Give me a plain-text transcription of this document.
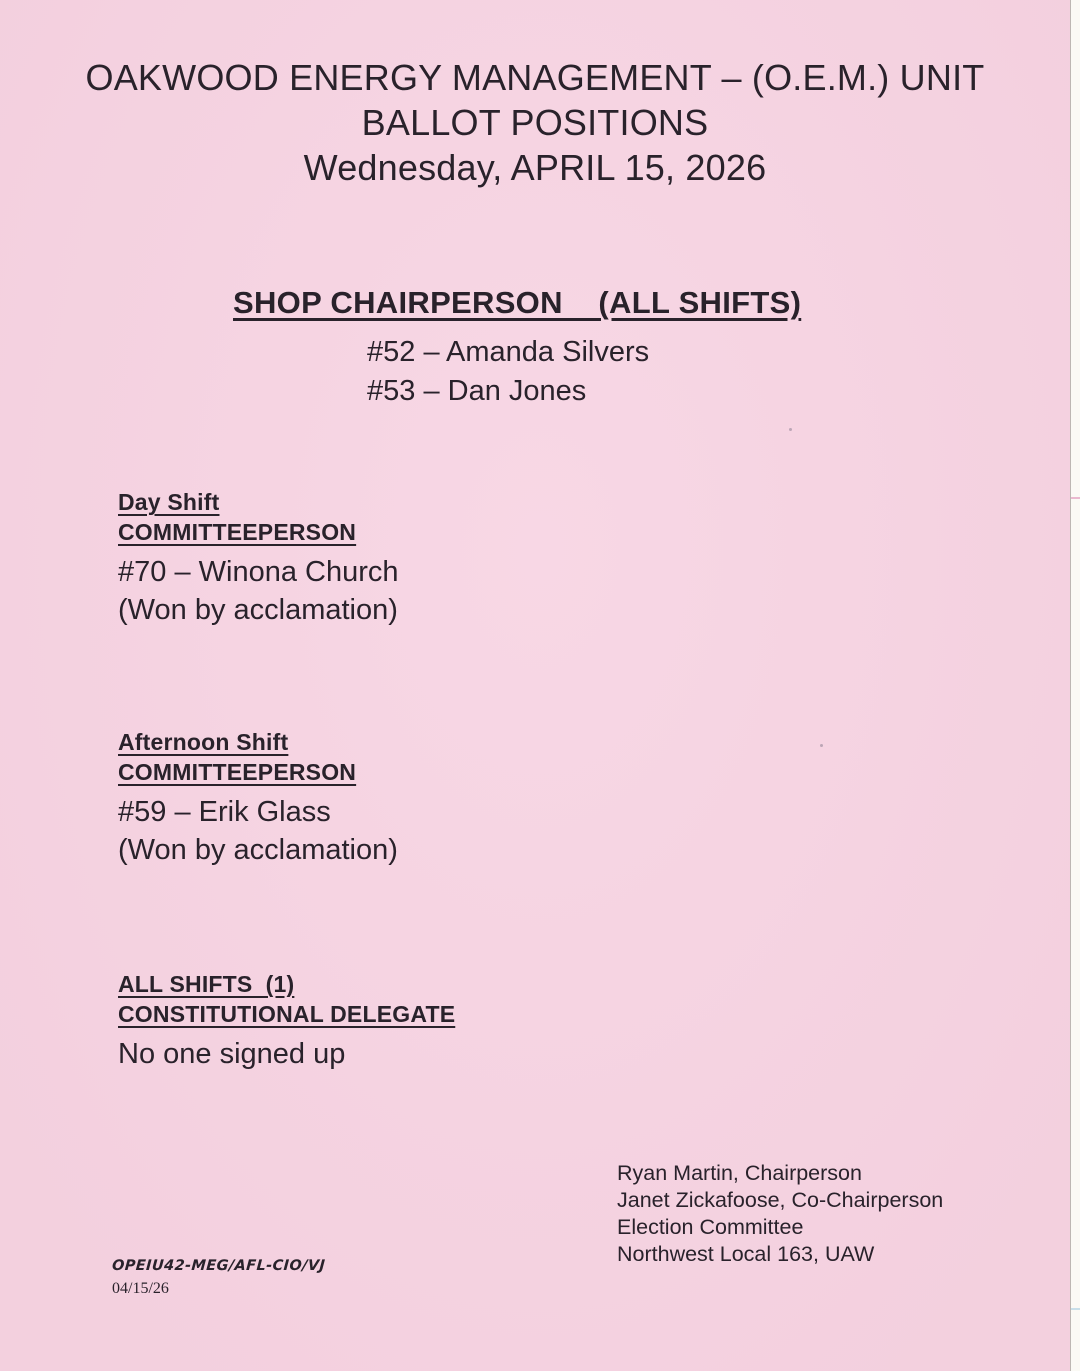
OAKWOOD ENERGY MANAGEMENT – (O.E.M.) UNIT
BALLOT POSITIONS
Wednesday, APRIL 15, 2026
SHOP CHAIRPERSON    (ALL SHIFTS)
#52 – Amanda Silvers
#53 – Dan Jones
Day Shift
COMMITTEEPERSON
#70 – Winona Church
(Won by acclamation)
Afternoon Shift
COMMITTEEPERSON
#59 – Erik Glass
(Won by acclamation)
ALL SHIFTS  (1)
CONSTITUTIONAL DELEGATE
No one signed up
Ryan Martin, Chairperson
Janet Zickafoose, Co-Chairperson
Election Committee
Northwest Local 163, UAW
OPEIU42-MEG/AFL-CIO/VJ
04/15/26
